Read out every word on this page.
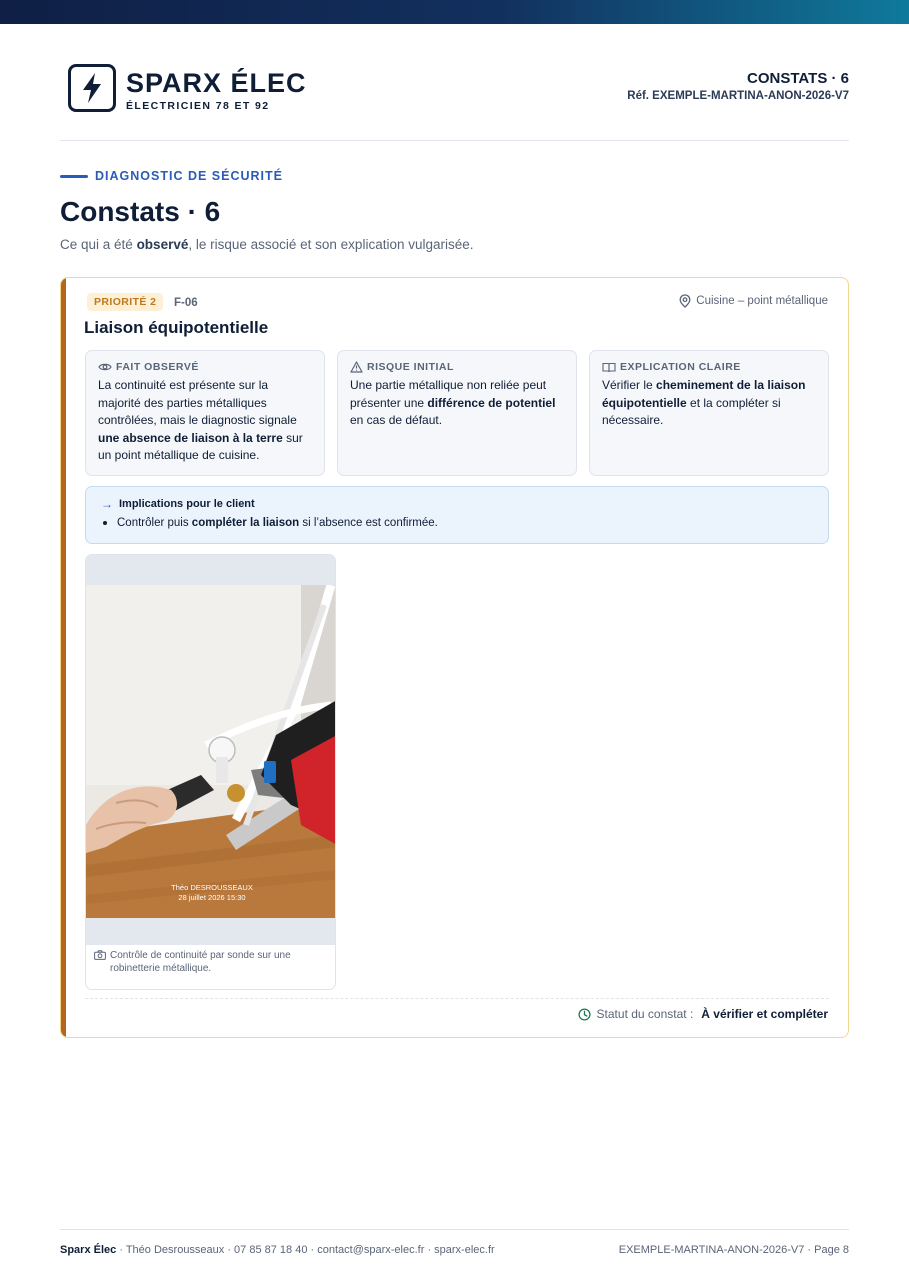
SPARX ÉLEC
ÉLECTRICIEN 78 ET 92
CONSTATS · 6
Réf. EXEMPLE-MARTINA-ANON-2026-V7
DIAGNOSTIC DE SÉCURITÉ
Constats · 6
Ce qui a été observé, le risque associé et son explication vulgarisée.
PRIORITÉ 2	F-06	Cuisine – point métallique
Liaison équipotentielle
FAIT OBSERVÉ
La continuité est présente sur la majorité des parties métalliques contrôlées, mais le diagnostic signale une absence de liaison à la terre sur un point métallique de cuisine.
RISQUE INITIAL
Une partie métallique non reliée peut présenter une différence de potentiel en cas de défaut.
EXPLICATION CLAIRE
Vérifier le cheminement de la liaison équipotentielle et la compléter si nécessaire.
→ Implications pour le client
Contrôler puis compléter la liaison si l’absence est confirmée.
Théo DESROUSSEAUX
28 juillet 2026 15:30
Contrôle de continuité par sonde sur une robinetterie métallique.
Statut du constat : À vérifier et compléter
Sparx Élec · Théo Desrousseaux · 07 85 87 18 40 · contact@sparx-elec.fr · sparx-elec.fr	EXEMPLE-MARTINA-ANON-2026-V7 · Page 8
